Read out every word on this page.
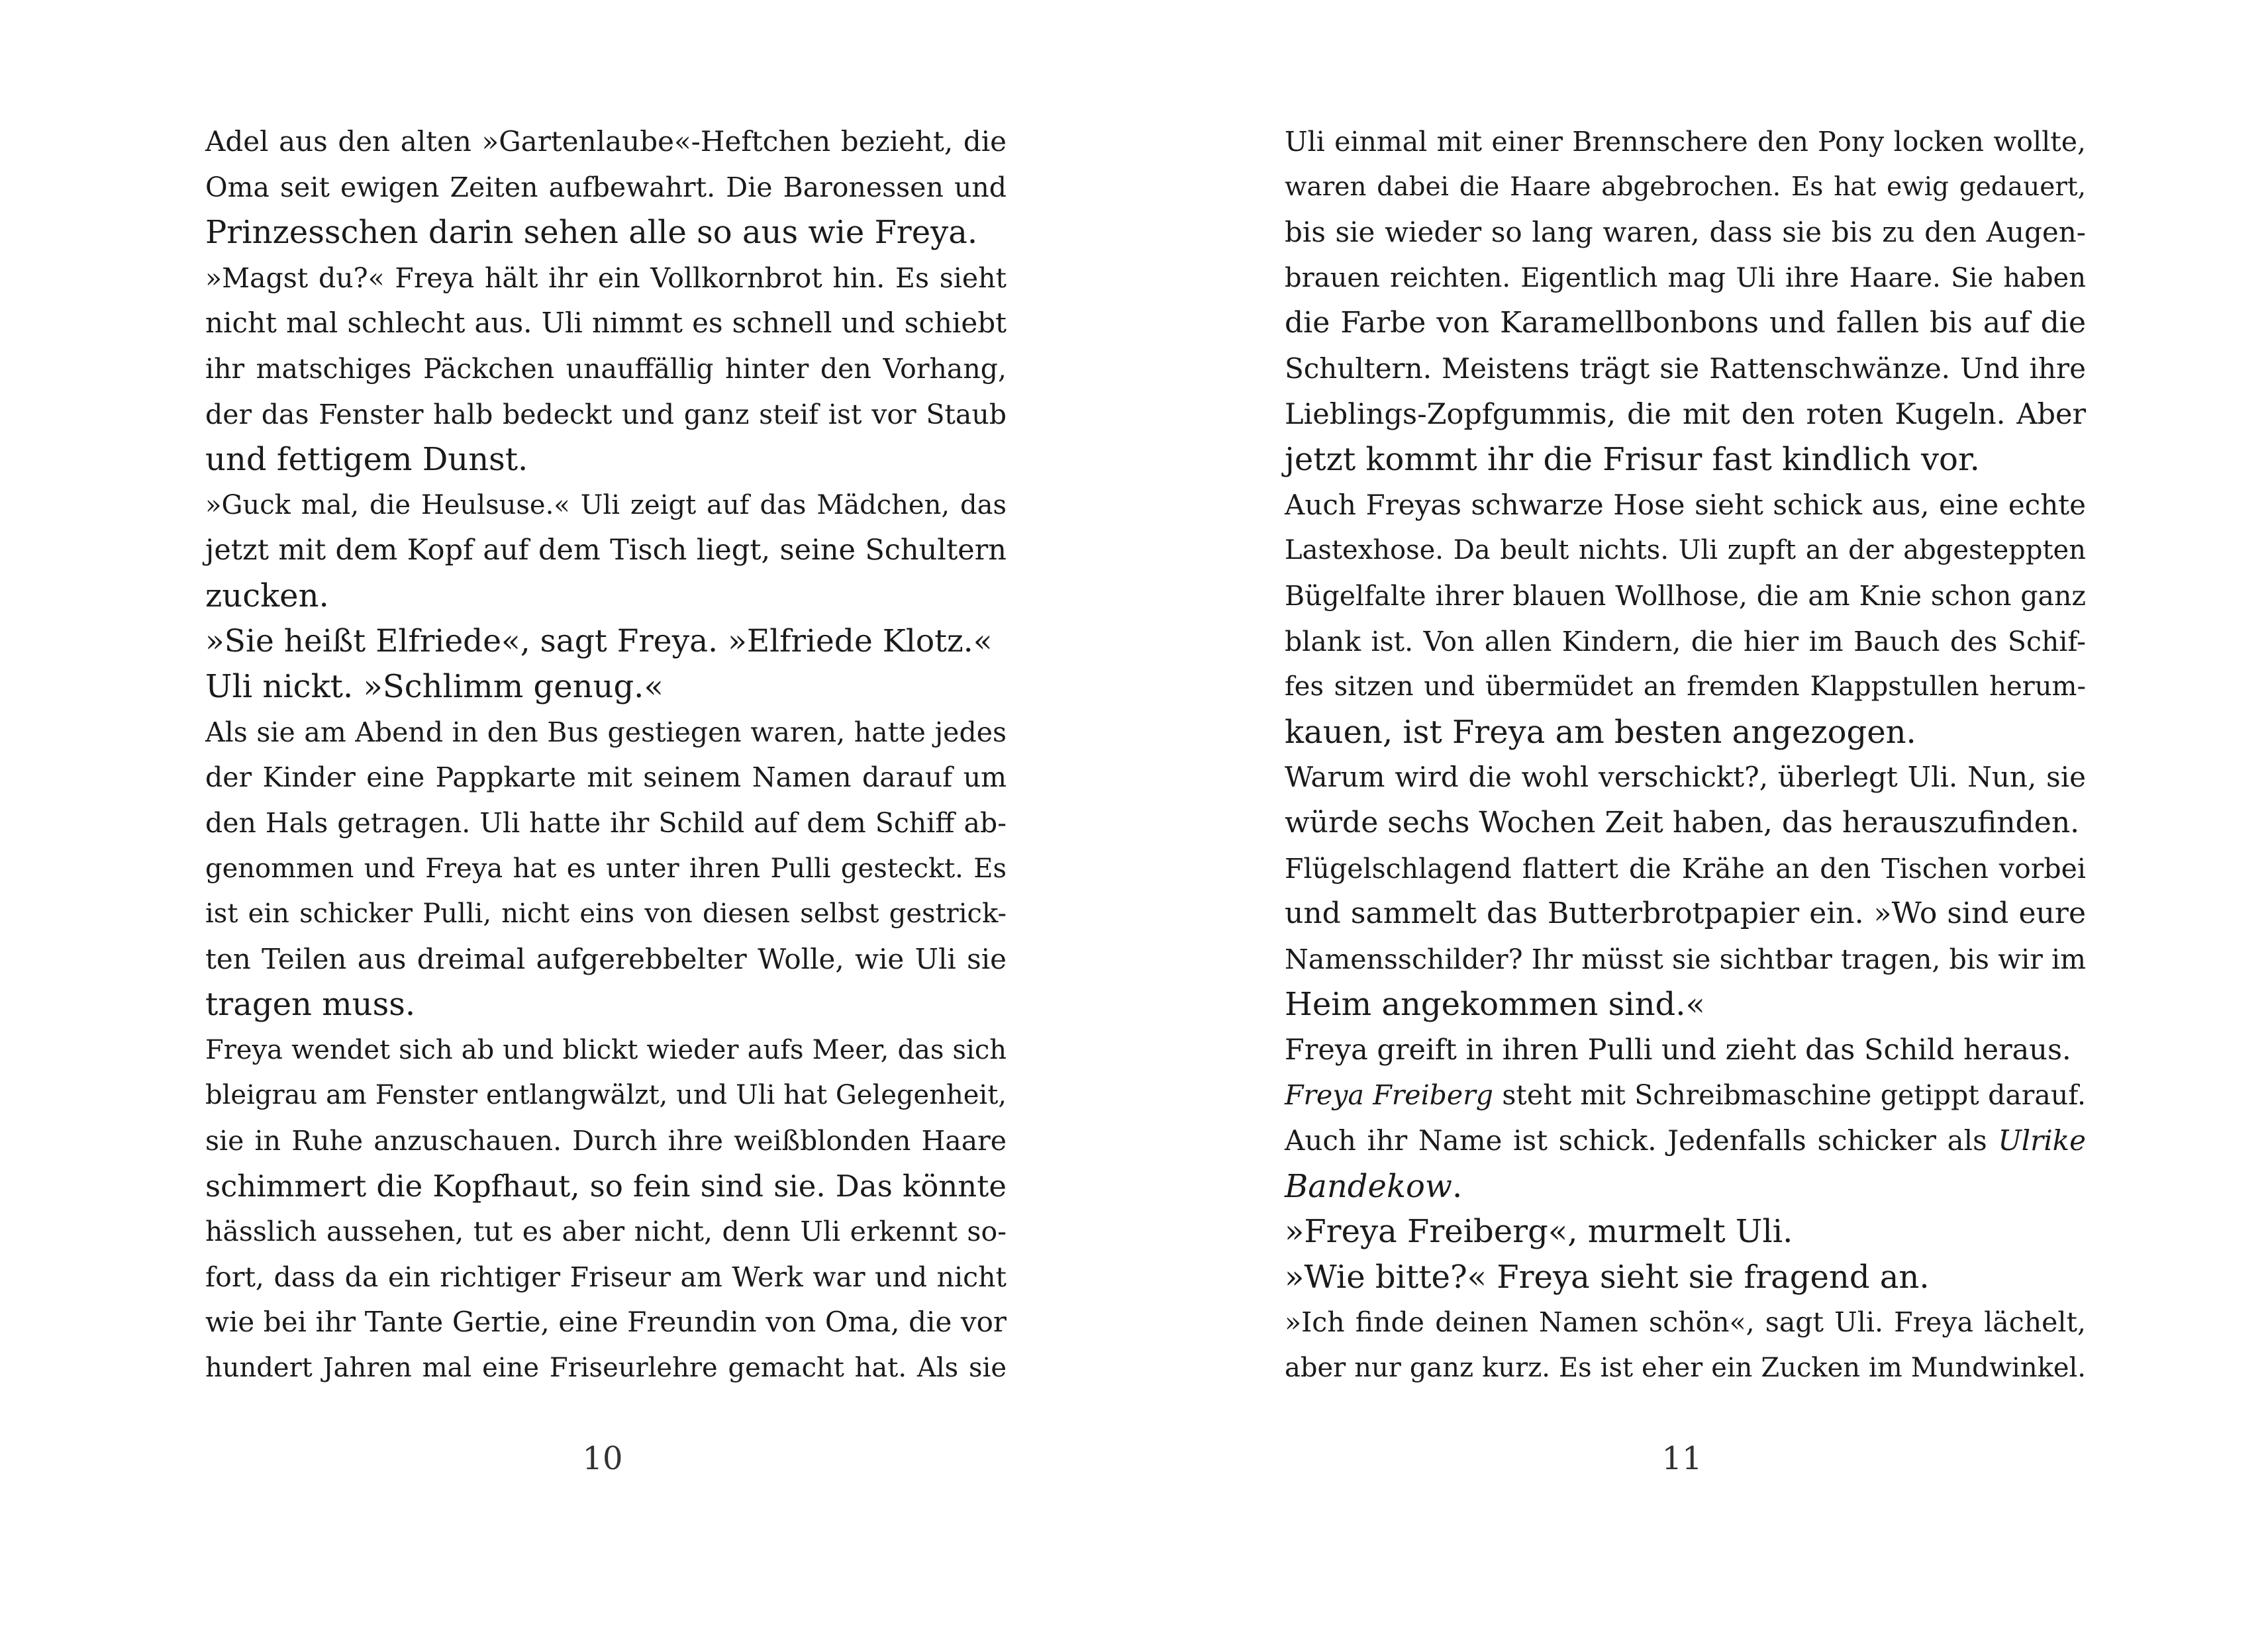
Adel aus den alten »Gartenlaube«-Heftchen bezieht, die
Oma seit ewigen Zeiten aufbewahrt. Die Baronessen und
Prinzesschen darin sehen alle so aus wie Freya.
»Magst du?« Freya hält ihr ein Vollkornbrot hin. Es sieht
nicht mal schlecht aus. Uli nimmt es schnell und schiebt
ihr matschiges Päckchen unauffällig hinter den Vorhang,
der das Fenster halb bedeckt und ganz steif ist vor Staub
und fettigem Dunst.
»Guck mal, die Heulsuse.« Uli zeigt auf das Mädchen, das
jetzt mit dem Kopf auf dem Tisch liegt, seine Schultern
zucken.
»Sie heißt Elfriede«, sagt Freya. »Elfriede Klotz.«
Uli nickt. »Schlimm genug.«
Als sie am Abend in den Bus gestiegen waren, hatte jedes
der Kinder eine Pappkarte mit seinem Namen darauf um
den Hals getragen. Uli hatte ihr Schild auf dem Schiff ab-
genommen und Freya hat es unter ihren Pulli gesteckt. Es
ist ein schicker Pulli, nicht eins von diesen selbst gestrick-
ten Teilen aus dreimal aufgerebbelter Wolle, wie Uli sie
tragen muss.
Freya wendet sich ab und blickt wieder aufs Meer, das sich
bleigrau am Fenster entlangwälzt, und Uli hat Gelegenheit,
sie in Ruhe anzuschauen. Durch ihre weißblonden Haare
schimmert die Kopfhaut, so fein sind sie. Das könnte
hässlich aussehen, tut es aber nicht, denn Uli erkennt so-
fort, dass da ein richtiger Friseur am Werk war und nicht
wie bei ihr Tante Gertie, eine Freundin von Oma, die vor
hundert Jahren mal eine Friseurlehre gemacht hat. Als sie
Uli einmal mit einer Brennschere den Pony locken wollte,
waren dabei die Haare abgebrochen. Es hat ewig gedauert,
bis sie wieder so lang waren, dass sie bis zu den Augen-
brauen reichten. Eigentlich mag Uli ihre Haare. Sie haben
die Farbe von Karamellbonbons und fallen bis auf die
Schultern. Meistens trägt sie Rattenschwänze. Und ihre
Lieblings-Zopfgummis, die mit den roten Kugeln. Aber
jetzt kommt ihr die Frisur fast kindlich vor.
Auch Freyas schwarze Hose sieht schick aus, eine echte
Lastexhose. Da beult nichts. Uli zupft an der abgesteppten
Bügelfalte ihrer blauen Wollhose, die am Knie schon ganz
blank ist. Von allen Kindern, die hier im Bauch des Schif-
fes sitzen und übermüdet an fremden Klappstullen herum-
kauen, ist Freya am besten angezogen.
Warum wird die wohl verschickt?, überlegt Uli. Nun, sie
würde sechs Wochen Zeit haben, das herauszufinden.
Flügelschlagend flattert die Krähe an den Tischen vorbei
und sammelt das Butterbrotpapier ein. »Wo sind eure
Namensschilder? Ihr müsst sie sichtbar tragen, bis wir im
Heim angekommen sind.«
Freya greift in ihren Pulli und zieht das Schild heraus.
Freya Freiberg steht mit Schreibmaschine getippt darauf.
Auch ihr Name ist schick. Jedenfalls schicker als Ulrike
Bandekow.
»Freya Freiberg«, murmelt Uli.
»Wie bitte?« Freya sieht sie fragend an.
»Ich finde deinen Namen schön«, sagt Uli. Freya lächelt,
aber nur ganz kurz. Es ist eher ein Zucken im Mundwinkel.
10	11
